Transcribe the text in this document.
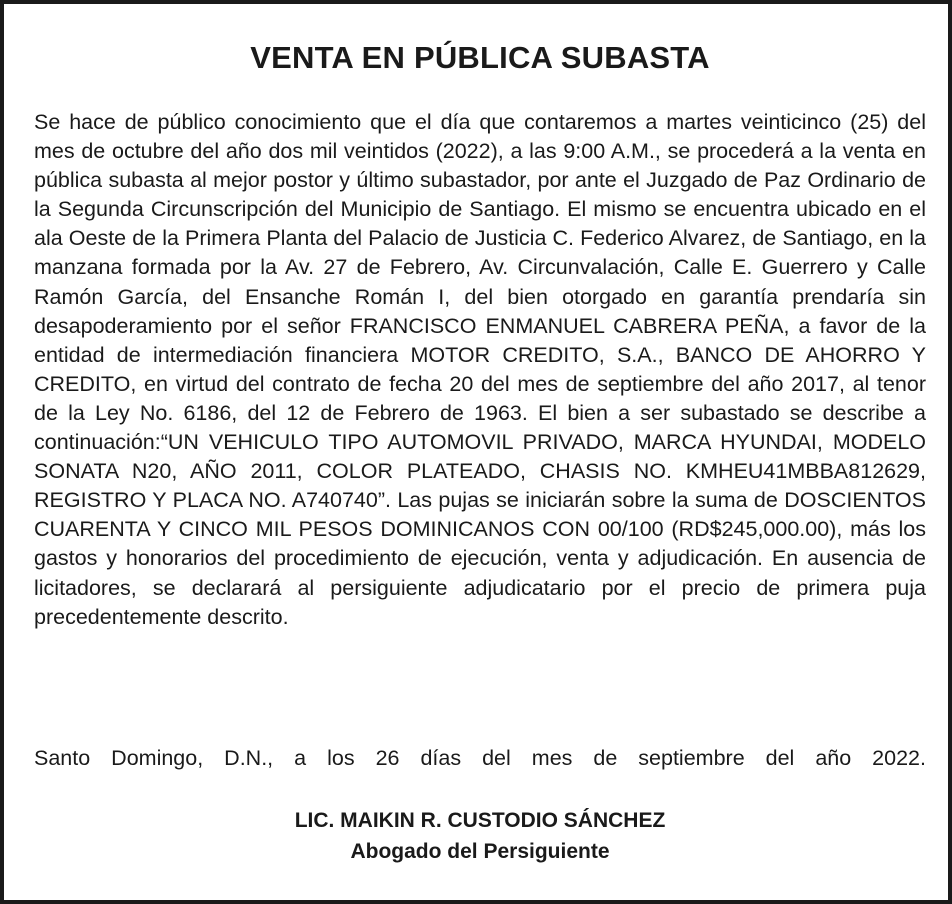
VENTA EN PÚBLICA SUBASTA

Se hace de público conocimiento que el día que contaremos a martes veinticinco (25) del mes de octubre del año dos mil veintidos (2022), a las 9:00 A.M., se procederá a la venta en pública subasta al mejor postor y último subastador, por ante el Juzgado de Paz Ordinario de la Segunda Circunscripción del Municipio de Santiago. El mismo se encuentra ubicado en el ala Oeste de la Primera Planta del Palacio de Justicia C. Federico Alvarez, de Santiago, en la manzana formada por la Av. 27 de Febrero, Av. Circunvalación, Calle E. Guerrero y Calle Ramón García, del Ensanche Román I, del bien otorgado en garantía prendaría sin desapoderamiento por el señor FRANCISCO ENMANUEL CABRERA PEÑA, a favor de la entidad de intermediación financiera MOTOR CREDITO, S.A., BANCO DE AHORRO Y CREDITO, en virtud del contrato de fecha 20 del mes de septiembre del año 2017, al tenor de la Ley No. 6186, del 12 de Febrero de 1963. El bien a ser subastado se describe a continuación:“UN VEHICULO TIPO AUTOMOVIL PRIVADO, MARCA HYUNDAI, MODELO SONATA N20, AÑO 2011, COLOR PLATEADO, CHASIS NO. KMHEU41MBBA812629, REGISTRO Y PLACA NO. A740740”. Las pujas se iniciarán sobre la suma de DOSCIENTOS CUARENTA Y CINCO MIL PESOS DOMINICANOS CON 00/100 (RD$245,000.00), más los gastos y honorarios del procedimiento de ejecución, venta y adjudicación. En ausencia de licitadores, se declarará al persiguiente adjudicatario por el precio de primera puja precedentemente descrito.

Santo Domingo, D.N., a los 26 días del mes de septiembre del año 2022.

LIC. MAIKIN R. CUSTODIO SÁNCHEZ
Abogado del Persiguiente
